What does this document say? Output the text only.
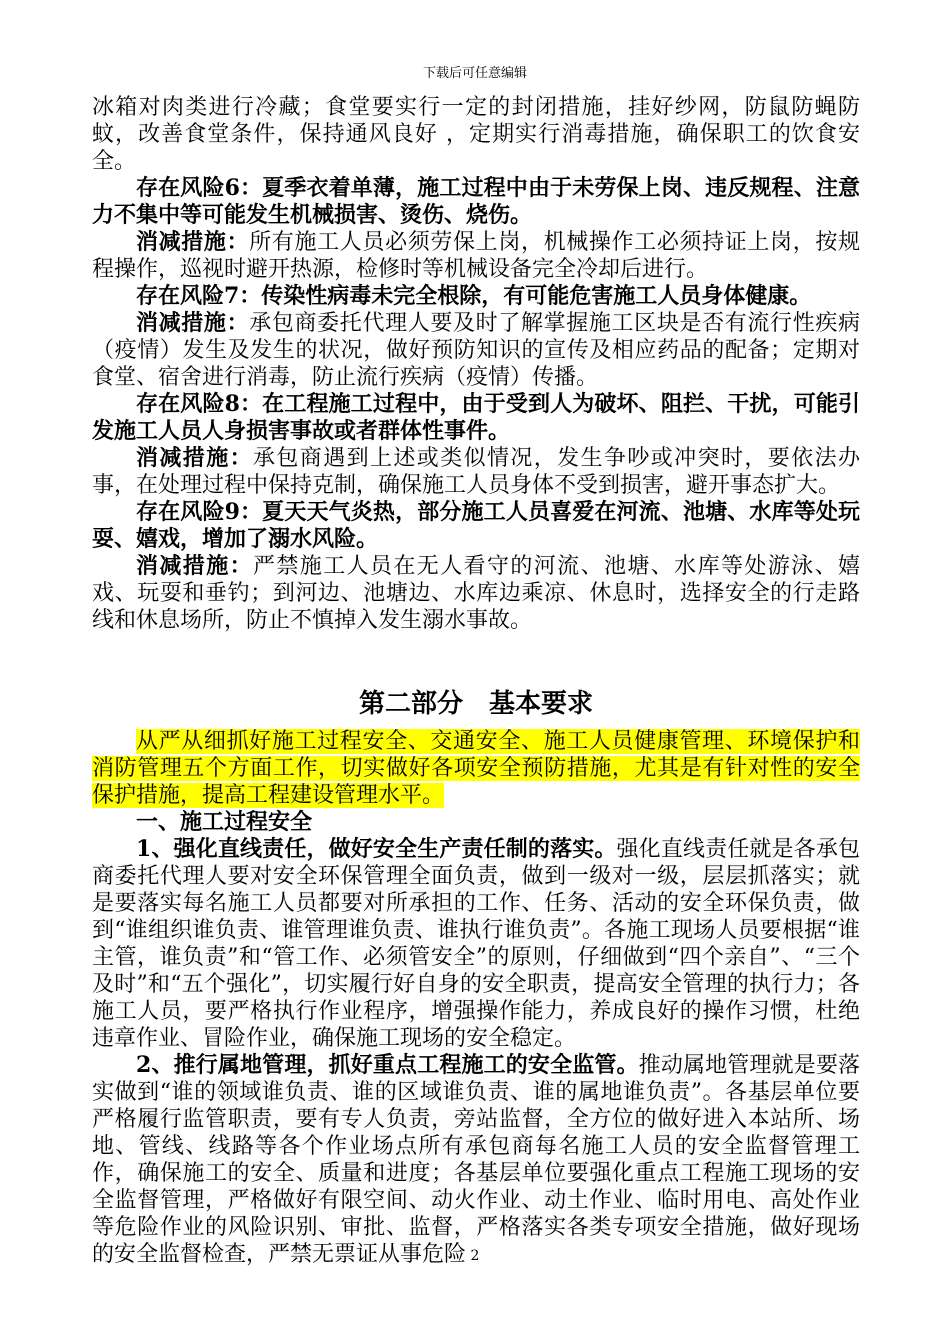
下载后可任意编辑

冰箱对肉类进行冷藏；食堂要实行一定的封闭措施，挂好纱网，防鼠防蝇防蚊，改善食堂条件，保持通风良好 ，定期实行消毒措施，确保职工的饮食安全。

存在风险6：夏季衣着单薄，施工过程中由于未劳保上岗、违反规程、注意力不集中等可能发生机械损害、烫伤、烧伤。

消减措施：所有施工人员必须劳保上岗，机械操作工必须持证上岗，按规程操作，巡视时避开热源，检修时等机械设备完全冷却后进行。

存在风险7：传染性病毒未完全根除，有可能危害施工人员身体健康。

消减措施：承包商委托代理人要及时了解掌握施工区块是否有流行性疾病（疫情）发生及发生的状况，做好预防知识的宣传及相应药品的配备；定期对食堂、宿舍进行消毒，防止流行疾病（疫情）传播。

存在风险8：在工程施工过程中，由于受到人为破坏、阻拦、干扰，可能引发施工人员人身损害事故或者群体性事件。

消减措施：承包商遇到上述或类似情况，发生争吵或冲突时，要依法办事，在处理过程中保持克制，确保施工人员身体不受到损害，避开事态扩大。

存在风险9：夏天天气炎热，部分施工人员喜爱在河流、池塘、水库等处玩耍、嬉戏，增加了溺水风险。

消减措施：严禁施工人员在无人看守的河流、池塘、水库等处游泳、嬉戏、玩耍和垂钓；到河边、池塘边、水库边乘凉、休息时，选择安全的行走路线和休息场所，防止不慎掉入发生溺水事故。

第二部分　基本要求

从严从细抓好施工过程安全、交通安全、施工人员健康管理、环境保护和消防管理五个方面工作，切实做好各项安全预防措施，尤其是有针对性的安全保护措施，提高工程建设管理水平。

一、施工过程安全

1、强化直线责任，做好安全生产责任制的落实。强化直线责任就是各承包商委托代理人要对安全环保管理全面负责，做到一级对一级，层层抓落实；就是要落实每名施工人员都要对所承担的工作、任务、活动的安全环保负责，做到“谁组织谁负责、谁管理谁负责、谁执行谁负责”。各施工现场人员要根据“谁主管，谁负责”和“管工作、必须管安全”的原则，仔细做到“四个亲自”、“三个及时”和“五个强化”，切实履行好自身的安全职责，提高安全管理的执行力；各施工人员，要严格执行作业程序，增强操作能力，养成良好的操作习惯，杜绝违章作业、冒险作业，确保施工现场的安全稳定。

2、推行属地管理，抓好重点工程施工的安全监管。推动属地管理就是要落实做到“谁的领域谁负责、谁的区域谁负责、谁的属地谁负责”。各基层单位要严格履行监管职责，要有专人负责，旁站监督，全方位的做好进入本站所、场地、管线、线路等各个作业场点所有承包商每名施工人员的安全监督管理工作，确保施工的安全、质量和进度；各基层单位要强化重点工程施工现场的安全监督管理，严格做好有限空间、动火作业、动土作业、临时用电、高处作业等危险作业的风险识别、审批、监督，严格落实各类专项安全措施，做好现场的安全监督检查，严禁无票证从事危险 2
